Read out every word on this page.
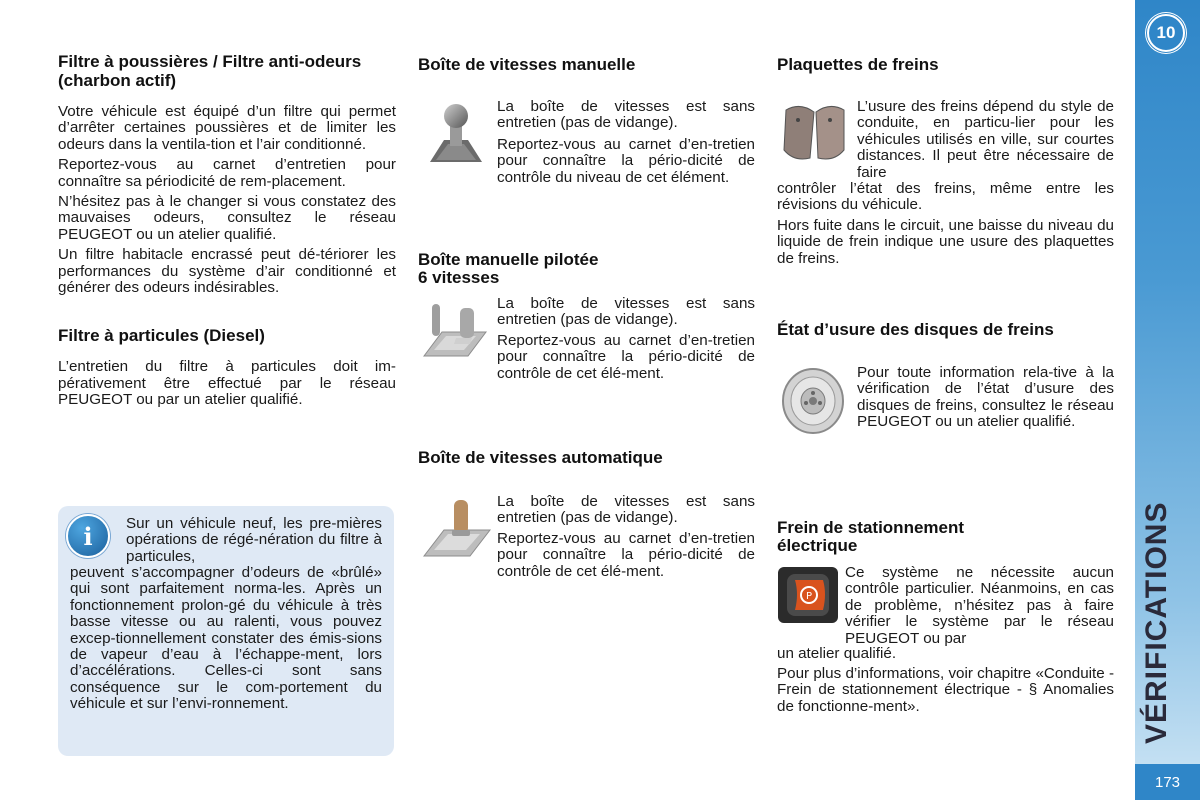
10
VÉRIFICATIONS
173
Filtre à poussières / Filtre anti-odeurs (charbon actif)

Votre véhicule est équipé d’un filtre qui permet d’arrêter certaines poussières et de limiter les odeurs dans la ventila-tion et l’air conditionné.

Reportez-vous au carnet d’entretien pour connaître sa périodicité de rem-placement.

N’hésitez pas à le changer si vous constatez des mauvaises odeurs, consultez le réseau PEUGEOT ou un atelier qualifié.

Un filtre habitacle encrassé peut dé-tériorer les performances du système d’air conditionné et générer des odeurs indésirables.

Filtre à particules (Diesel)

L’entretien du filtre à particules doit im-pérativement être effectué par le réseau PEUGEOT ou par un atelier qualifié.

i	Sur un véhicule neuf, les pre-mières opérations de régé-nération du filtre à particules,
peuvent s’accompagner d’odeurs de «brûlé» qui sont parfaitement norma-les. Après un fonctionnement prolon-gé du véhicule à très basse vitesse ou au ralenti, vous pouvez excep-tionnellement constater des émis-sions de vapeur d’eau à l’échappe-ment, lors d’accélérations. Celles-ci sont sans conséquence sur le com-portement du véhicule et sur l’envi-ronnement.
Boîte de vitesses manuelle

La boîte de vitesses est sans entretien (pas de vidange).

Reportez-vous au carnet d’en-tretien pour connaître la pério-dicité de contrôle du niveau de cet élément.

Boîte manuelle pilotée
6 vitesses

La boîte de vitesses est sans entretien (pas de vidange).

Reportez-vous au carnet d’en-tretien pour connaître la pério-dicité de contrôle de cet élé-ment.

Boîte de vitesses automatique

La boîte de vitesses est sans entretien (pas de vidange).

Reportez-vous au carnet d’en-tretien pour connaître la pério-dicité de contrôle de cet élé-ment.

Plaquettes de freins

L’usure des freins dépend du style de conduite, en particu-lier pour les véhicules utilisés en ville, sur courtes distances. Il peut être nécessaire de faire

contrôler l’état des freins, même entre les révisions du véhicule.

Hors fuite dans le circuit, une baisse du niveau du liquide de frein indique une usure des plaquettes de freins.

État d’usure des disques de freins

Pour toute information rela-tive à la vérification de l’état d’usure des disques de freins, consultez le réseau PEUGEOT ou un atelier qualifié.

Frein de stationnement
électrique
P

Ce système ne nécessite aucun contrôle particulier. Néanmoins, en cas de problème, n’hésitez pas à faire vérifier le système par le réseau PEUGEOT ou par

un atelier qualifié.

Pour plus d’informations, voir chapitre «Conduite - Frein de stationnement électrique - § Anomalies de fonctionne-ment».
